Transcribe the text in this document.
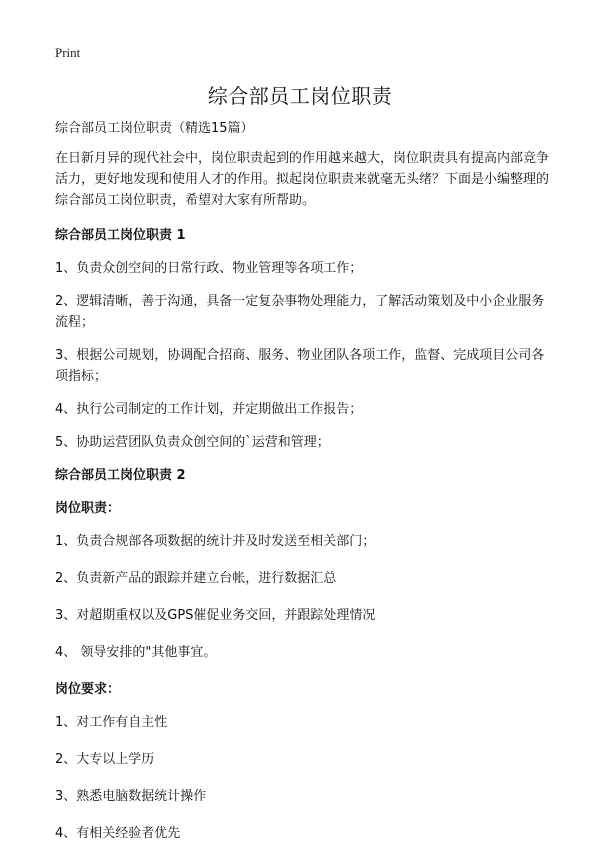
Print
综合部员工岗位职责

综合部员工岗位职责（精选15篇）

在日新月异的现代社会中，岗位职责起到的作用越来越大，岗位职责具有提高内部竞争活力，更好地发现和使用人才的作用。拟起岗位职责来就毫无头绪？下面是小编整理的综合部员工岗位职责，希望对大家有所帮助。

综合部员工岗位职责 1

1、负责众创空间的日常行政、物业管理等各项工作；

2、逻辑清晰，善于沟通，具备一定复杂事物处理能力，了解活动策划及中小企业服务流程；

3、根据公司规划，协调配合招商、服务、物业团队各项工作，监督、完成项目公司各项指标；

4、执行公司制定的工作计划，并定期做出工作报告；

5、协助运营团队负责众创空间的`运营和管理；

综合部员工岗位职责 2

岗位职责：

1、负责合规部各项数据的统计并及时发送至相关部门；

2、负责新产品的跟踪并建立台帐，进行数据汇总

3、对超期重权以及GPS催促业务交回，并跟踪处理情况

4、 领导安排的"其他事宜。

岗位要求：

1、对工作有自主性

2、大专以上学历

3、熟悉电脑数据统计操作

4、有相关经验者优先
